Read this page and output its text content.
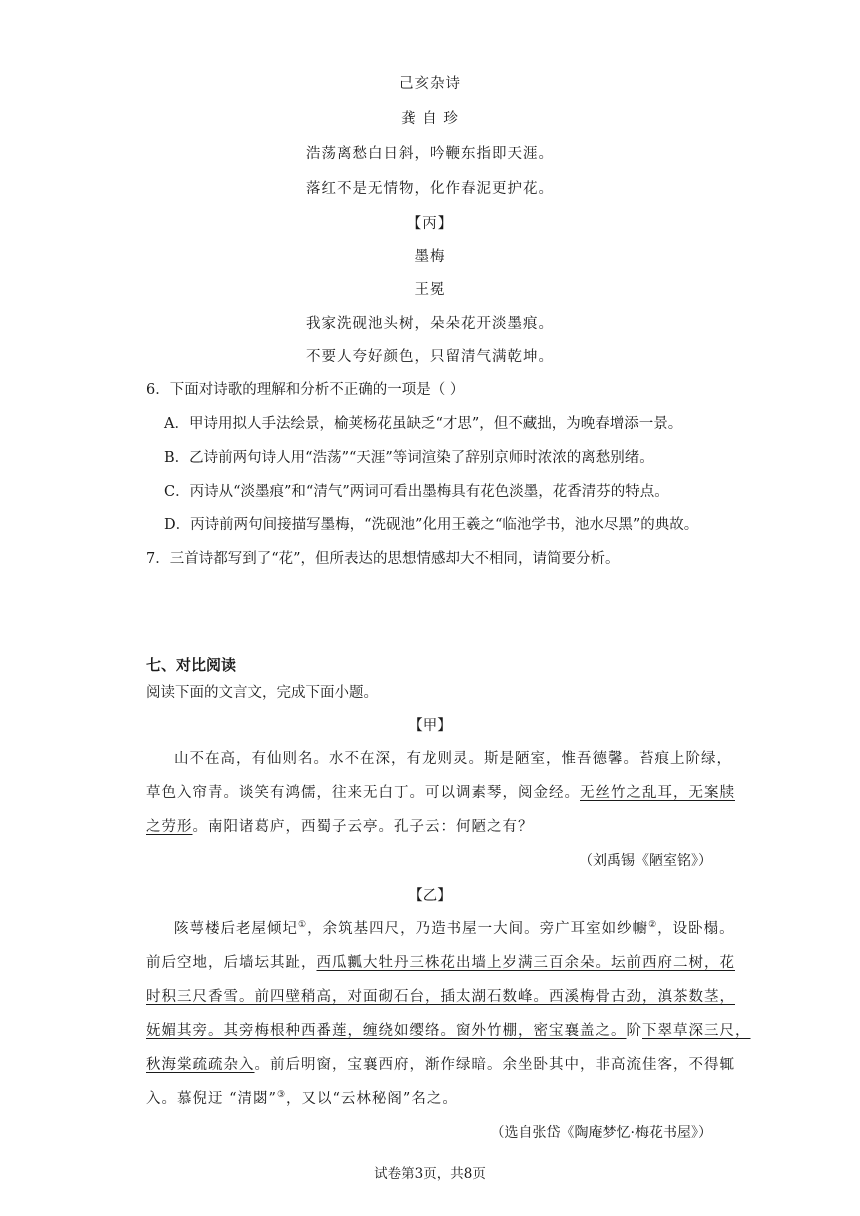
己亥杂诗
龚 自 珍
浩荡离愁白日斜，吟鞭东指即天涯。
落红不是无情物，化作春泥更护花。
【丙】
墨梅
王冕
我家洗砚池头树，朵朵花开淡墨痕。
不要人夸好颜色，只留清气满乾坤。
6．下面对诗歌的理解和分析不正确的一项是（ ）
A．甲诗用拟人手法绘景，榆荚杨花虽缺乏“才思”，但不藏拙，为晚春增添一景。
B．乙诗前两句诗人用“浩荡”“天涯”等词渲染了辞别京师时浓浓的离愁别绪。
C．丙诗从“淡墨痕”和“清气”两词可看出墨梅具有花色淡墨，花香清芬的特点。
D．丙诗前两句间接描写墨梅，“洗砚池”化用王羲之“临池学书，池水尽黑”的典故。
7．三首诗都写到了“花”，但所表达的思想情感却大不相同，请简要分析。
七、对比阅读
阅读下面的文言文，完成下面小题。
【甲】
山不在高，有仙则名。水不在深，有龙则灵。斯是陋室，惟吾德馨。苔痕上阶绿，
草色入帘青。谈笑有鸿儒，往来无白丁。可以调素琴，阅金经。无丝竹之乱耳，无案牍
之劳形。南阳诸葛庐，西蜀子云亭。孔子云：何陋之有？
（刘禹锡《陋室铭》）
【乙】
陔萼楼后老屋倾圮①，余筑基四尺，乃造书屋一大间。旁广耳室如纱幮②，设卧榻。
前后空地，后墙坛其趾，西瓜瓤大牡丹三株花出墙上岁满三百余朵。坛前西府二树，花
时积三尺香雪。前四壁稍高，对面砌石台，插太湖石数峰。西溪梅骨古劲，滇茶数茎，
妩媚其旁。其旁梅根种西番莲，缠绕如缨络。窗外竹棚，密宝襄盖之。阶下翠草深三尺，
秋海棠疏疏杂入。前后明窗，宝襄西府，渐作绿暗。余坐卧其中，非高流佳客，不得辄
入。慕倪迂 “清閟”③，又以“云林秘阁”名之。
（选自张岱《陶庵梦忆·梅花书屋》）
试卷第3页，共8页
